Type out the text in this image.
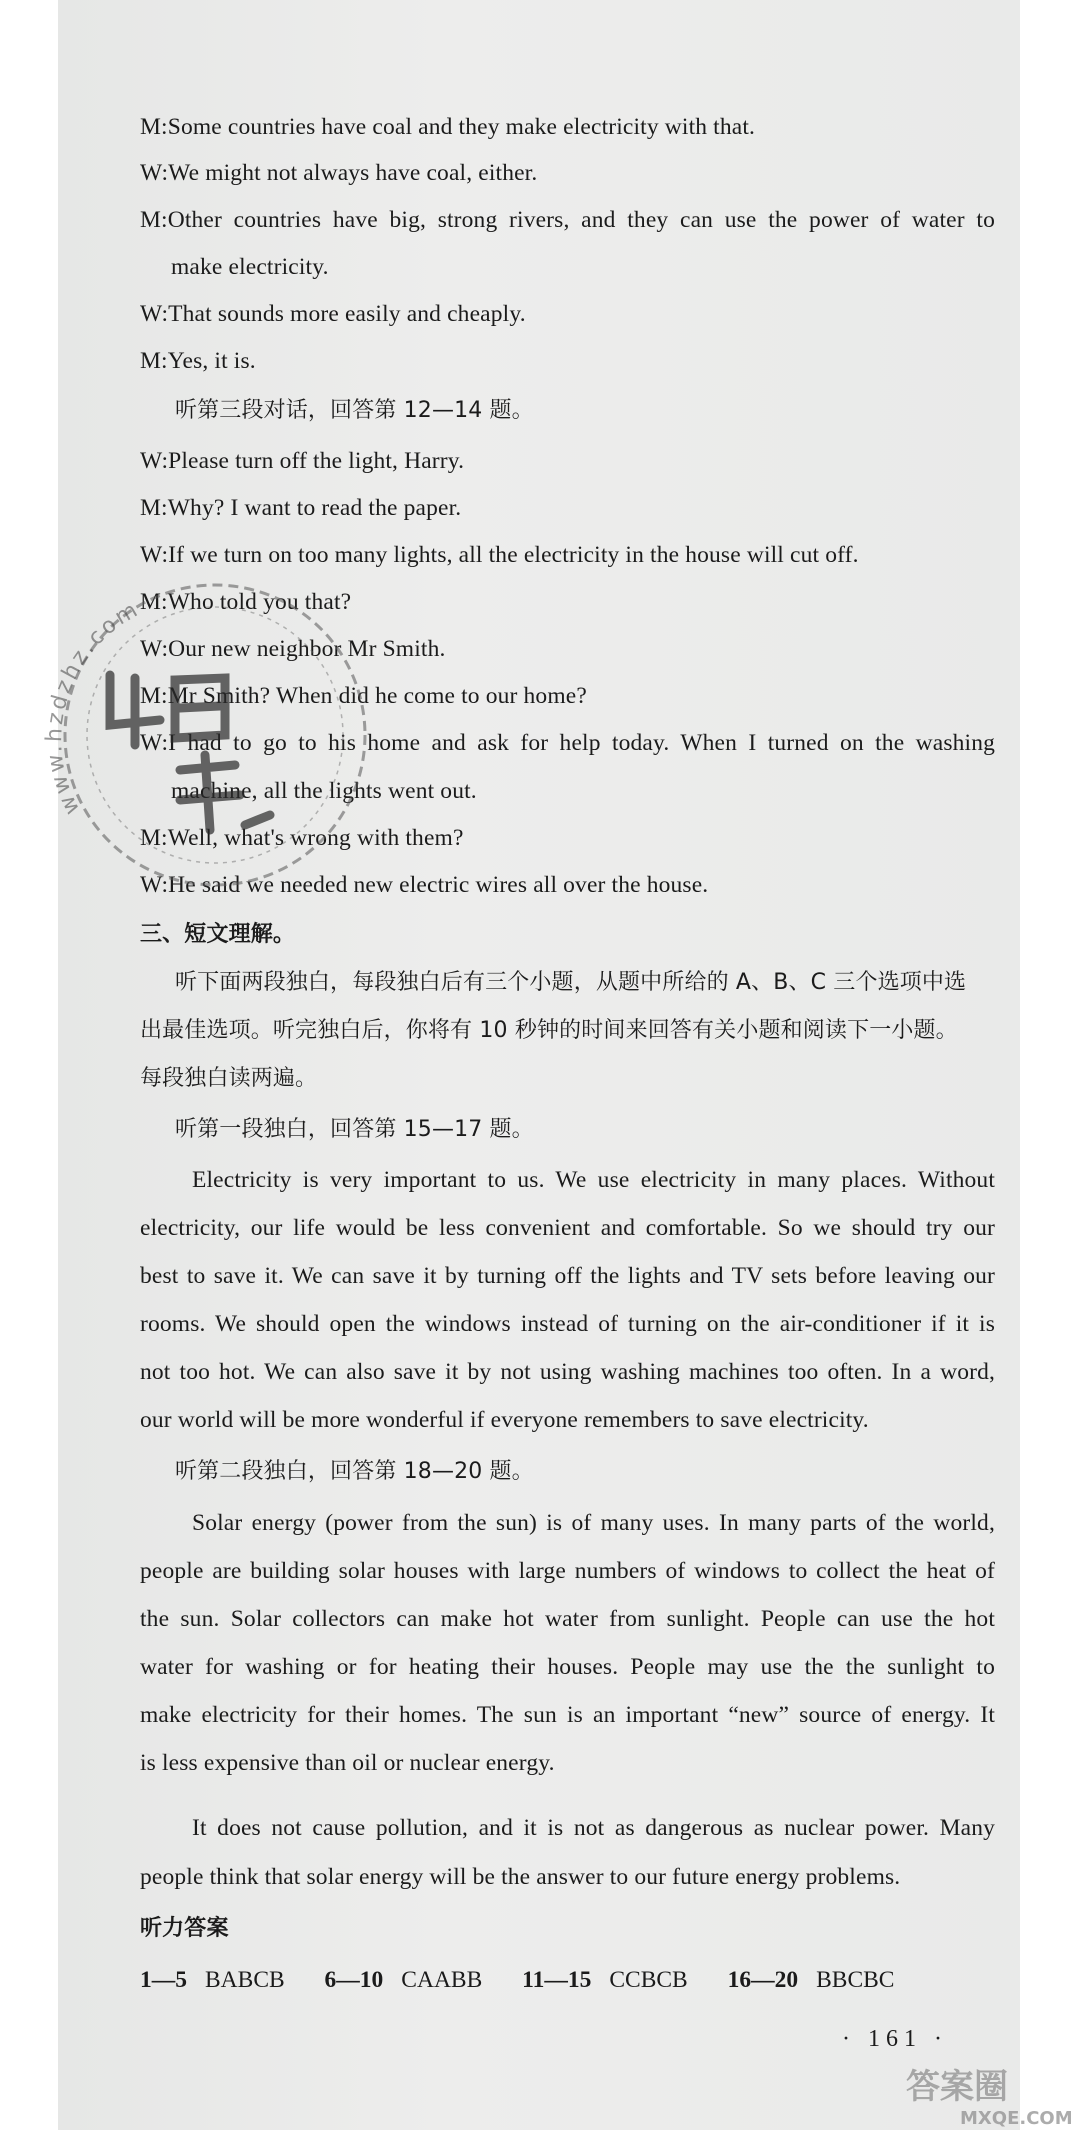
M:Some countries have coal and they make electricity with that.
W:We might not always have coal, either.
M:Other countries have big, strong rivers, and they can use the power of water to
make electricity.
W:That sounds more easily and cheaply.
M:Yes, it is.
听第三段对话，回答第 12—14 题。
W:Please turn off the light, Harry.
M:Why? I want to read the paper.
W:If we turn on too many lights, all the electricity in the house will cut off.
M:Who told you that?
W:Our new neighbor Mr Smith.
M:Mr Smith? When did he come to our home?
W:I had to go to his home and ask for help today. When I turned on the washing
machine, all the lights went out.
M:Well, what's wrong with them?
W:He said we needed new electric wires all over the house.
三、短文理解。
听下面两段独白，每段独白后有三个小题，从题中所给的 A、B、C 三个选项中选
出最佳选项。听完独白后，你将有 10 秒钟的时间来回答有关小题和阅读下一小题。
每段独白读两遍。
听第一段独白，回答第 15—17 题。
Electricity is very important to us. We use electricity in many places. Without
electricity, our life would be less convenient and comfortable. So we should try our
best to save it. We can save it by turning off the lights and TV sets before leaving our
rooms. We should open the windows instead of turning on the air-conditioner if it is
not too hot. We can also save it by not using washing machines too often. In a word,
our world will be more wonderful if everyone remembers to save electricity.
听第二段独白，回答第 18—20 题。
Solar energy (power from the sun) is of many uses. In many parts of the world,
people are building solar houses with large numbers of windows to collect the heat of
the sun. Solar collectors can make hot water from sunlight. People can use the hot
water for washing or for heating their houses. People may use the the sunlight to
make electricity for their homes. The sun is an important “new” source of energy. It
is less expensive than oil or nuclear energy.
It does not cause pollution, and it is not as dangerous as nuclear power. Many
people think that solar energy will be the answer to our future energy problems.
听力答案
1—5 BABCB 6—10 CAABB 11—15 CCBCB 16—20 BBCBC
· 161 ·
www.hzdzhz.com
答案圈
MXQE.COM
